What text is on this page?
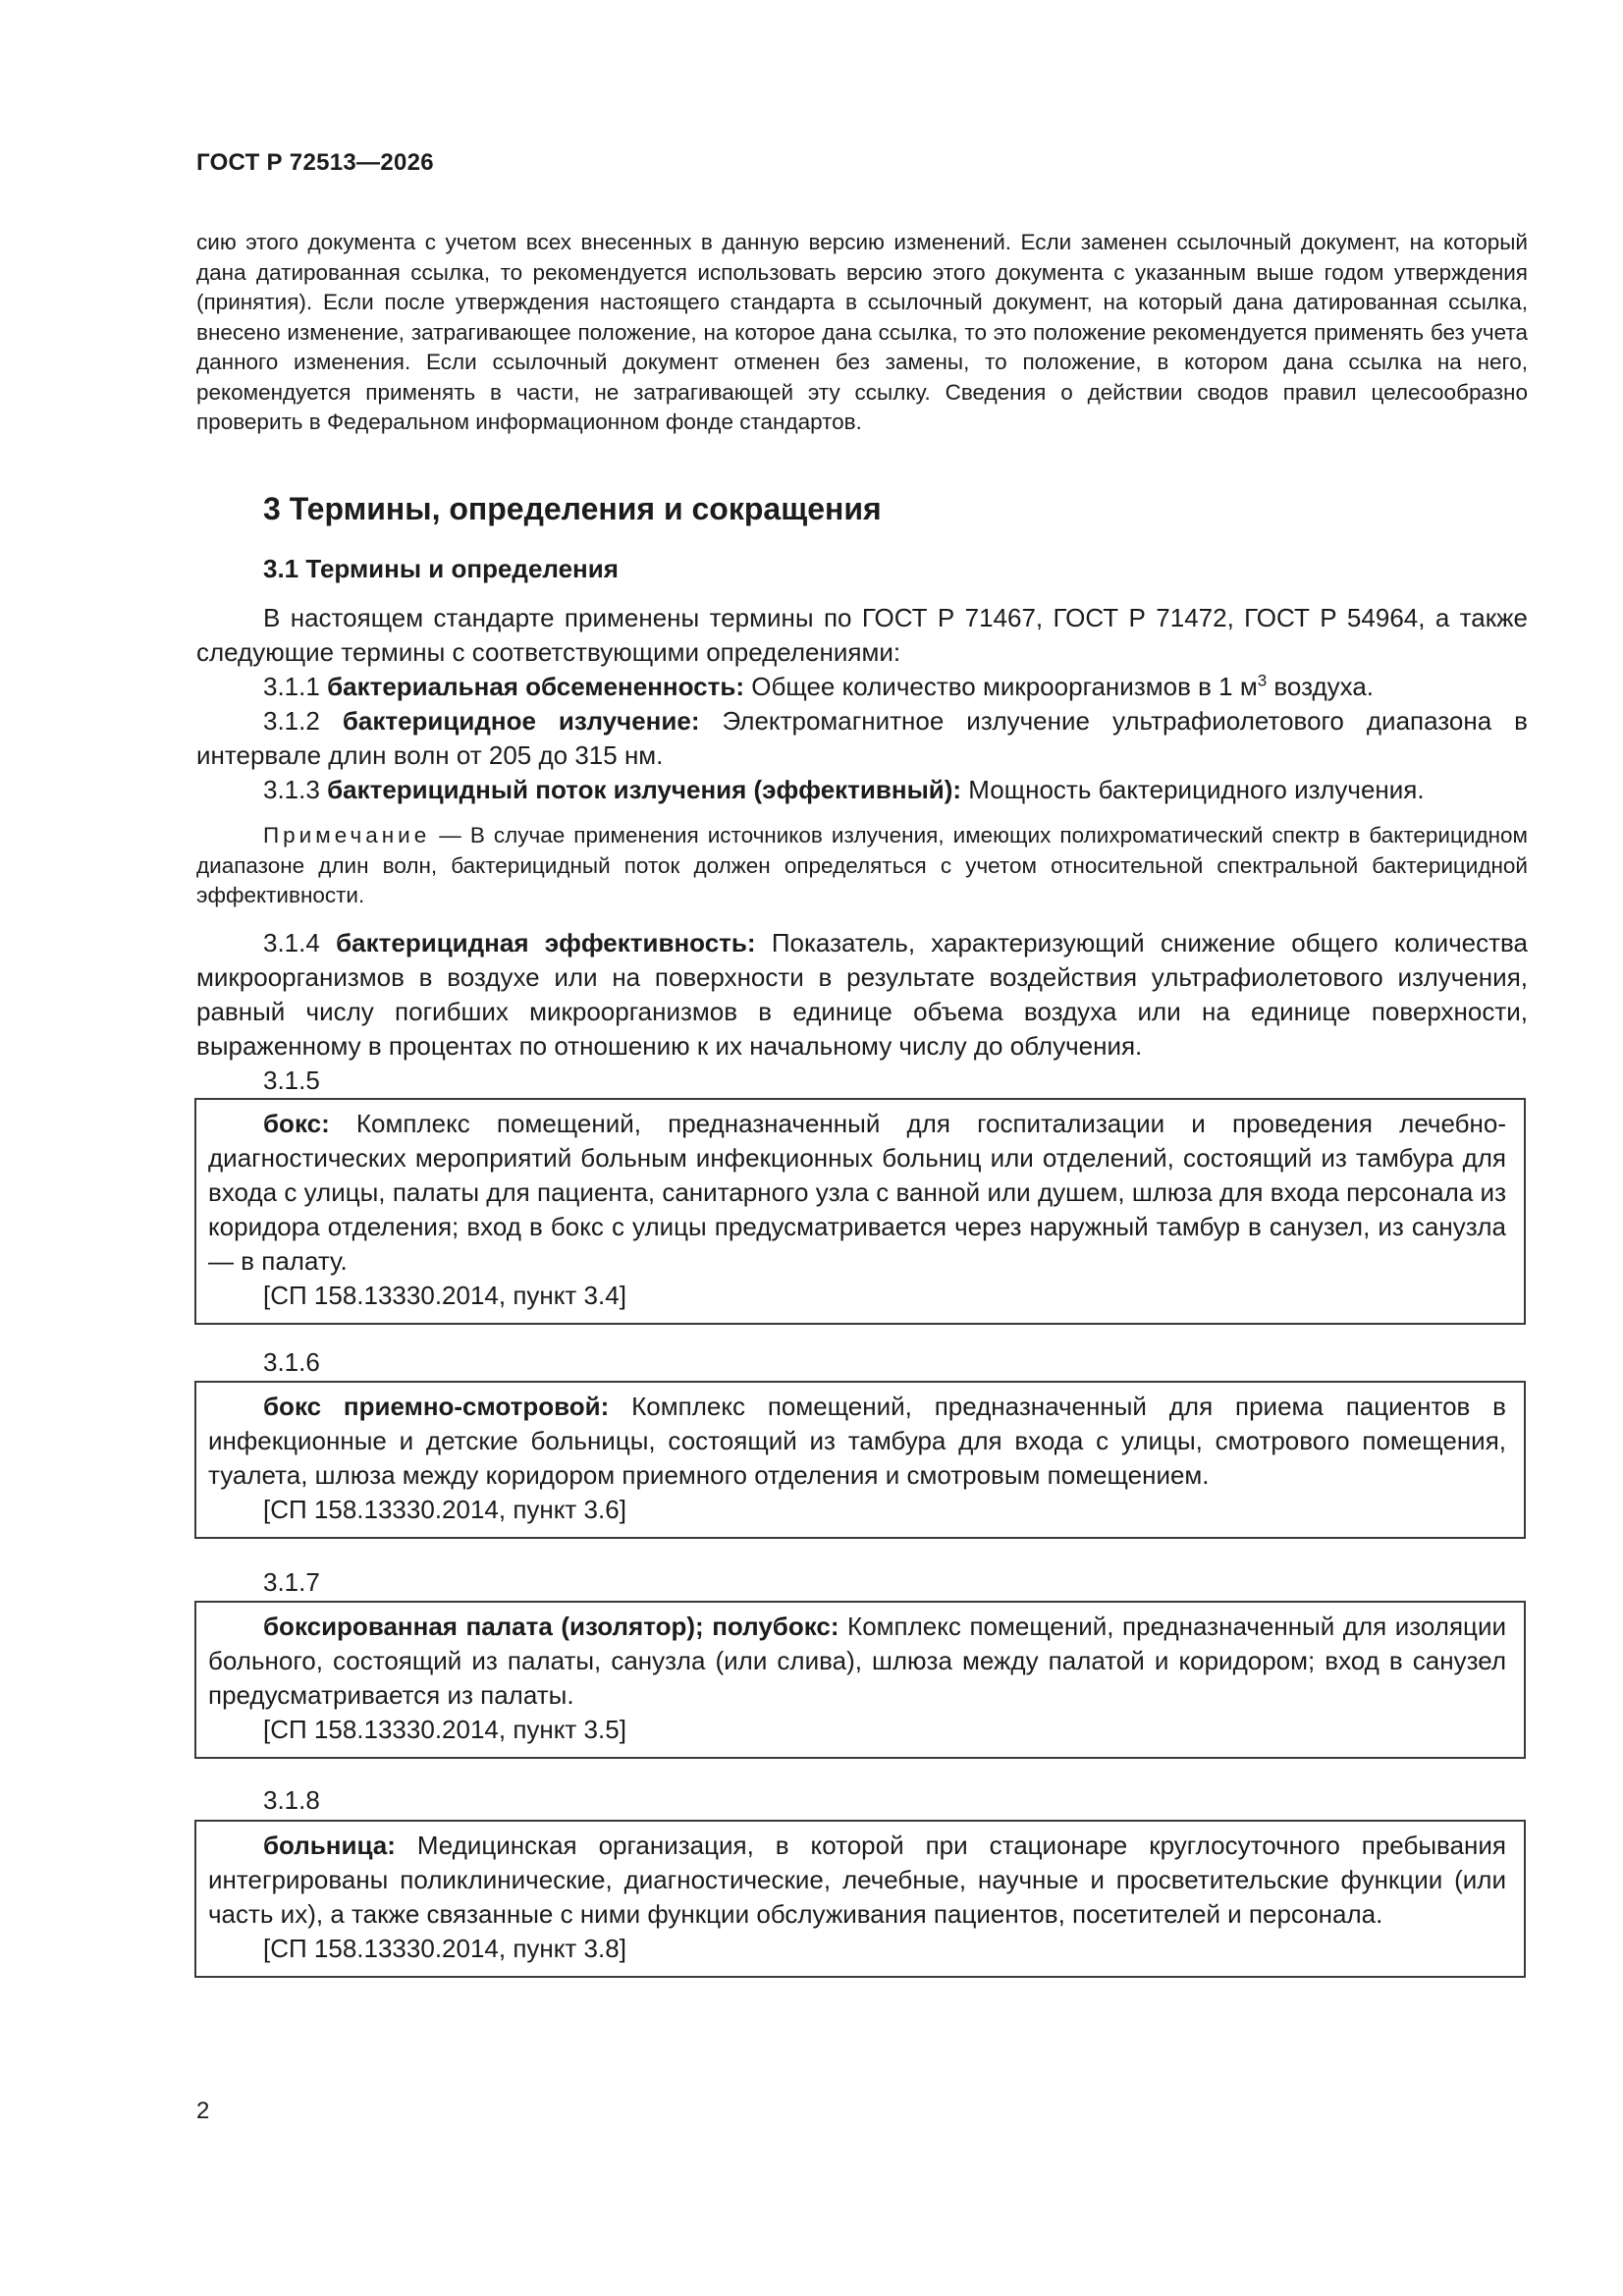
ГОСТ Р 72513—2026

сию этого документа с учетом всех внесенных в данную версию изменений. Если заменен ссылочный документ, на который дана датированная ссылка, то рекомендуется использовать версию этого документа с указанным выше годом утверждения (принятия). Если после утверждения настоящего стандарта в ссылочный документ, на который дана датированная ссылка, внесено изменение, затрагивающее положение, на которое дана ссылка, то это положение рекомендуется применять без учета данного изменения. Если ссылочный документ отменен без замены, то положение, в котором дана ссылка на него, рекомендуется применять в части, не затрагивающей эту ссылку. Сведения о действии сводов правил целесообразно проверить в Федеральном информационном фонде стандартов.

3 Термины, определения и сокращения
3.1 Термины и определения

В настоящем стандарте применены термины по ГОСТ Р 71467, ГОСТ Р 71472, ГОСТ Р 54964, а также следующие термины с соответствующими определениями:

3.1.1 бактериальная обсемененность: Общее количество микроорганизмов в 1 $м^3$ воздуха.

3.1.2 бактерицидное излучение: Электромагнитное излучение ультрафиолетового диапазона в интервале длин волн от 205 до 315 нм.

3.1.3 бактерицидный поток излучения (эффективный): Мощность бактерицидного излучения.

Примечание — В случае применения источников излучения, имеющих полихроматический спектр в бактерицидном диапазоне длин волн, бактерицидный поток должен определяться с учетом относительной спектральной бактерицидной эффективности.

3.1.4 бактерицидная эффективность: Показатель, характеризующий снижение общего количества микроорганизмов в воздухе или на поверхности в результате воздействия ультрафиолетового излучения, равный числу погибших микроорганизмов в единице объема воздуха или на единице поверхности, выраженному в процентах по отношению к их начальному числу до облучения.

3.1.5

бокс: Комплекс помещений, предназначенный для госпитализации и проведения лечебно-диагностических мероприятий больным инфекционных больниц или отделений, состоящий из тамбура для входа с улицы, палаты для пациента, санитарного узла с ванной или душем, шлюза для входа персонала из коридора отделения; вход в бокс с улицы предусматривается через наружный тамбур в санузел, из санузла — в палату.

[СП 158.13330.2014, пункт 3.4]
3.1.6

бокс приемно-смотровой: Комплекс помещений, предназначенный для приема пациентов в инфекционные и детские больницы, состоящий из тамбура для входа с улицы, смотрового помещения, туалета, шлюза между коридором приемного отделения и смотровым помещением.

[СП 158.13330.2014, пункт 3.6]
3.1.7

боксированная палата (изолятор); полубокс: Комплекс помещений, предназначенный для изоляции больного, состоящий из палаты, санузла (или слива), шлюза между палатой и коридором; вход в санузел предусматривается из палаты.

[СП 158.13330.2014, пункт 3.5]
3.1.8

больница: Медицинская организация, в которой при стационаре круглосуточного пребывания интегрированы поликлинические, диагностические, лечебные, научные и просветительские функции (или часть их), а также связанные с ними функции обслуживания пациентов, посетителей и персонала.

[СП 158.13330.2014, пункт 3.8]
2
